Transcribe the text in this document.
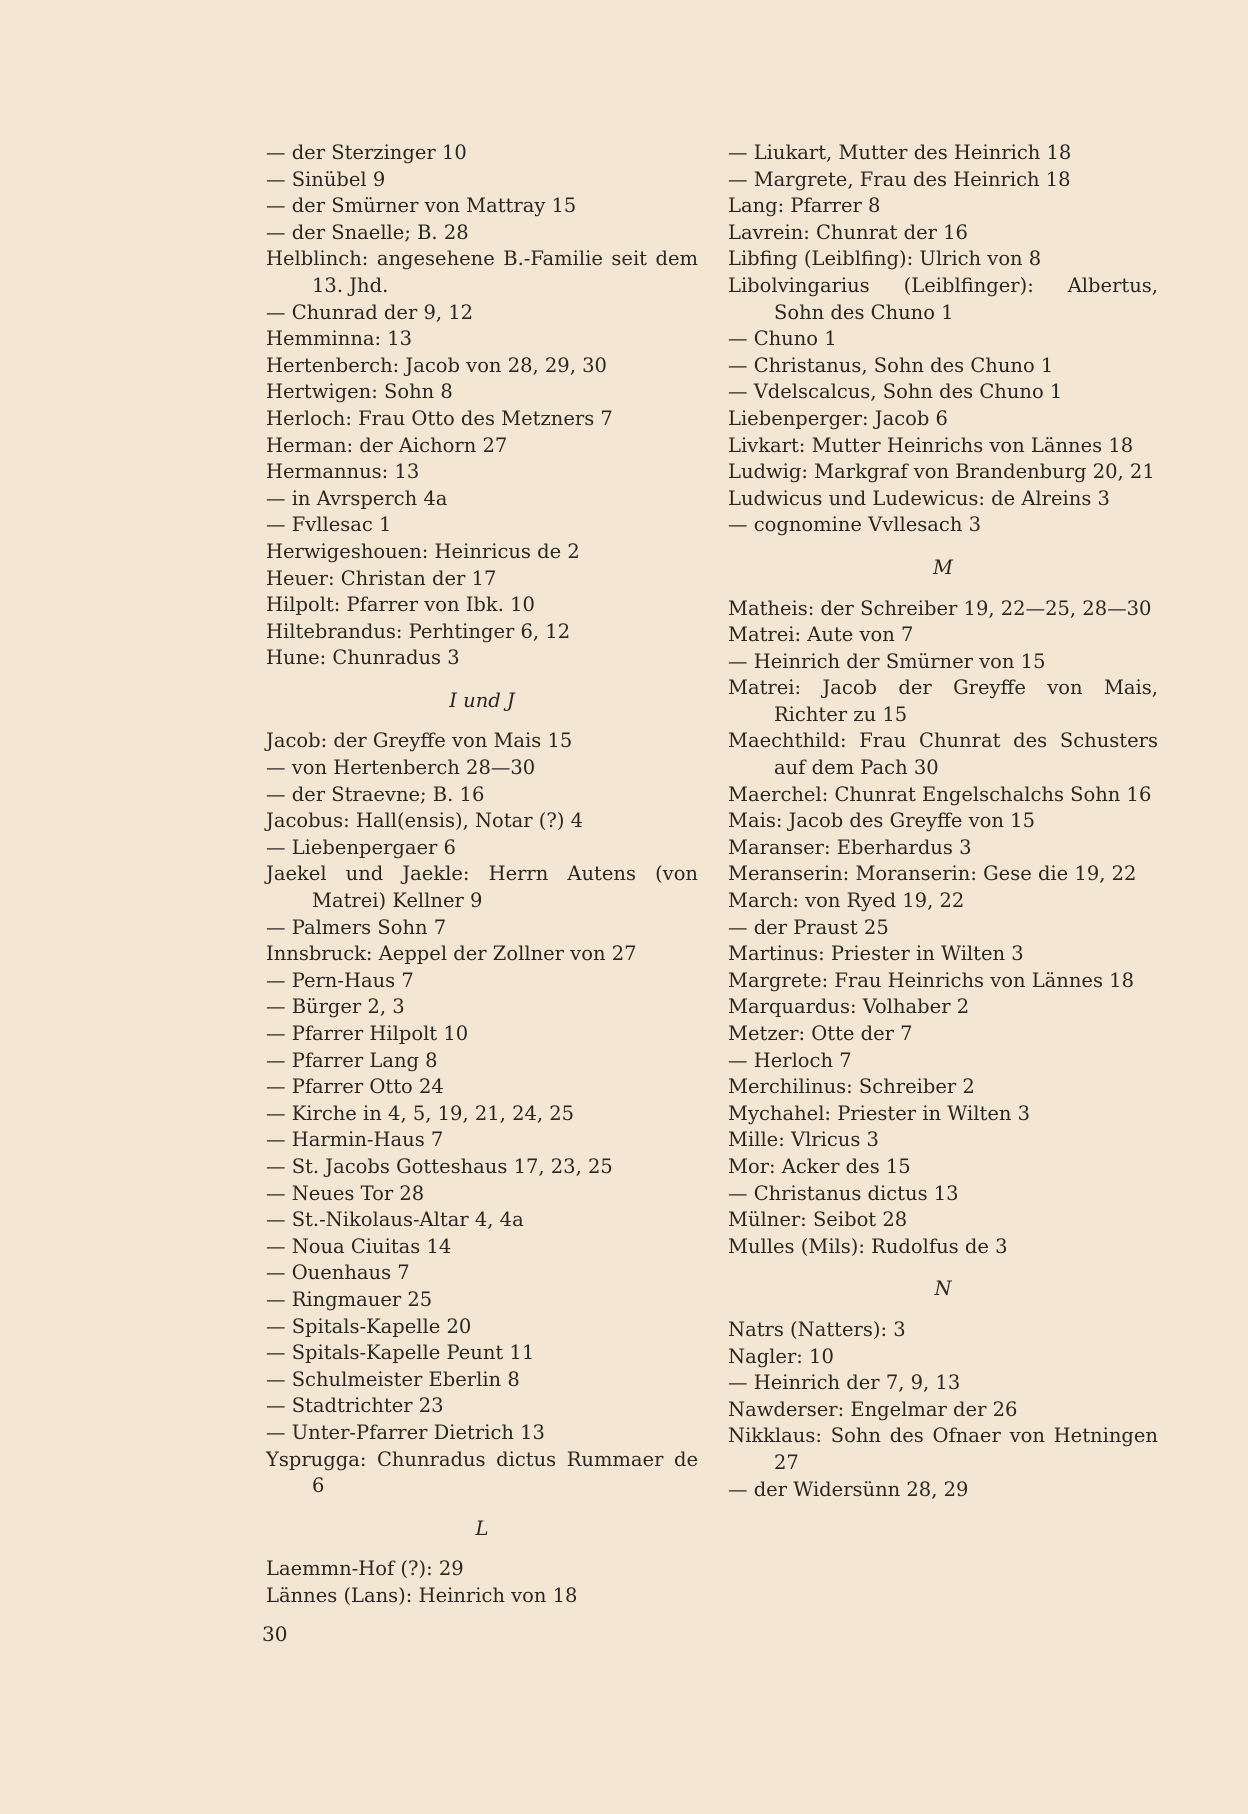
— der Sterzinger 10
— Sinübel 9
— der Smürner von Mattray 15
— der Snaelle; B. 28
Helblinch: angesehene B.-Familie seit dem 13. Jhd.
— Chunrad der 9, 12
Hemminna: 13
Hertenberch: Jacob von 28, 29, 30
Hertwigen: Sohn 8
Herloch: Frau Otto des Metzners 7
Herman: der Aichorn 27
Hermannus: 13
— in Avrsperch 4a
— Fvllesac 1
Herwigeshouen: Heinricus de 2
Heuer: Christan der 17
Hilpolt: Pfarrer von Ibk. 10
Hiltebrandus: Perhtinger 6, 12
Hune: Chunradus 3
I und J
Jacob: der Greyffe von Mais 15
— von Hertenberch 28—30
— der Straevne; B. 16
Jacobus: Hall(ensis), Notar (?) 4
— Liebenpergaer 6
Jaekel und Jaekle: Herrn Autens (von Matrei) Kellner 9
— Palmers Sohn 7
Innsbruck: Aeppel der Zollner von 27
— Pern-Haus 7
— Bürger 2, 3
— Pfarrer Hilpolt 10
— Pfarrer Lang 8
— Pfarrer Otto 24
— Kirche in 4, 5, 19, 21, 24, 25
— Harmin-Haus 7
— St. Jacobs Gotteshaus 17, 23, 25
— Neues Tor 28
— St.-Nikolaus-Altar 4, 4a
— Noua Ciuitas 14
— Ouenhaus 7
— Ringmauer 25
— Spitals-Kapelle 20
— Spitals-Kapelle Peunt 11
— Schulmeister Eberlin 8
— Stadtrichter 23
— Unter-Pfarrer Dietrich 13
Ysprugga: Chunradus dictus Rummaer de 6
L
Laemmn-Hof (?): 29
Lännes (Lans): Heinrich von 18
— Liukart, Mutter des Heinrich 18
— Margrete, Frau des Heinrich 18
Lang: Pfarrer 8
Lavrein: Chunrat der 16
Libfing (Leiblfing): Ulrich von 8
Libolvingarius (Leiblfinger): Albertus, Sohn des Chuno 1
— Chuno 1
— Christanus, Sohn des Chuno 1
— Vdelscalcus, Sohn des Chuno 1
Liebenperger: Jacob 6
Livkart: Mutter Heinrichs von Lännes 18
Ludwig: Markgraf von Brandenburg 20, 21
Ludwicus und Ludewicus: de Alreins 3
— cognomine Vvllesach 3
M
Matheis: der Schreiber 19, 22—25, 28—30
Matrei: Aute von 7
— Heinrich der Smürner von 15
Matrei: Jacob der Greyffe von Mais, Richter zu 15
Maechthild: Frau Chunrat des Schusters auf dem Pach 30
Maerchel: Chunrat Engelschalchs Sohn 16
Mais: Jacob des Greyffe von 15
Maranser: Eberhardus 3
Meranserin: Moranserin: Gese die 19, 22
March: von Ryed 19, 22
— der Praust 25
Martinus: Priester in Wilten 3
Margrete: Frau Heinrichs von Lännes 18
Marquardus: Volhaber 2
Metzer: Otte der 7
— Herloch 7
Merchilinus: Schreiber 2
Mychahel: Priester in Wilten 3
Mille: Vlricus 3
Mor: Acker des 15
— Christanus dictus 13
Mülner: Seibot 28
Mulles (Mils): Rudolfus de 3
N
Natrs (Natters): 3
Nagler: 10
— Heinrich der 7, 9, 13
Nawderser: Engelmar der 26
Nikklaus: Sohn des Ofnaer von Hetningen 27
— der Widersünn 28, 29
30
